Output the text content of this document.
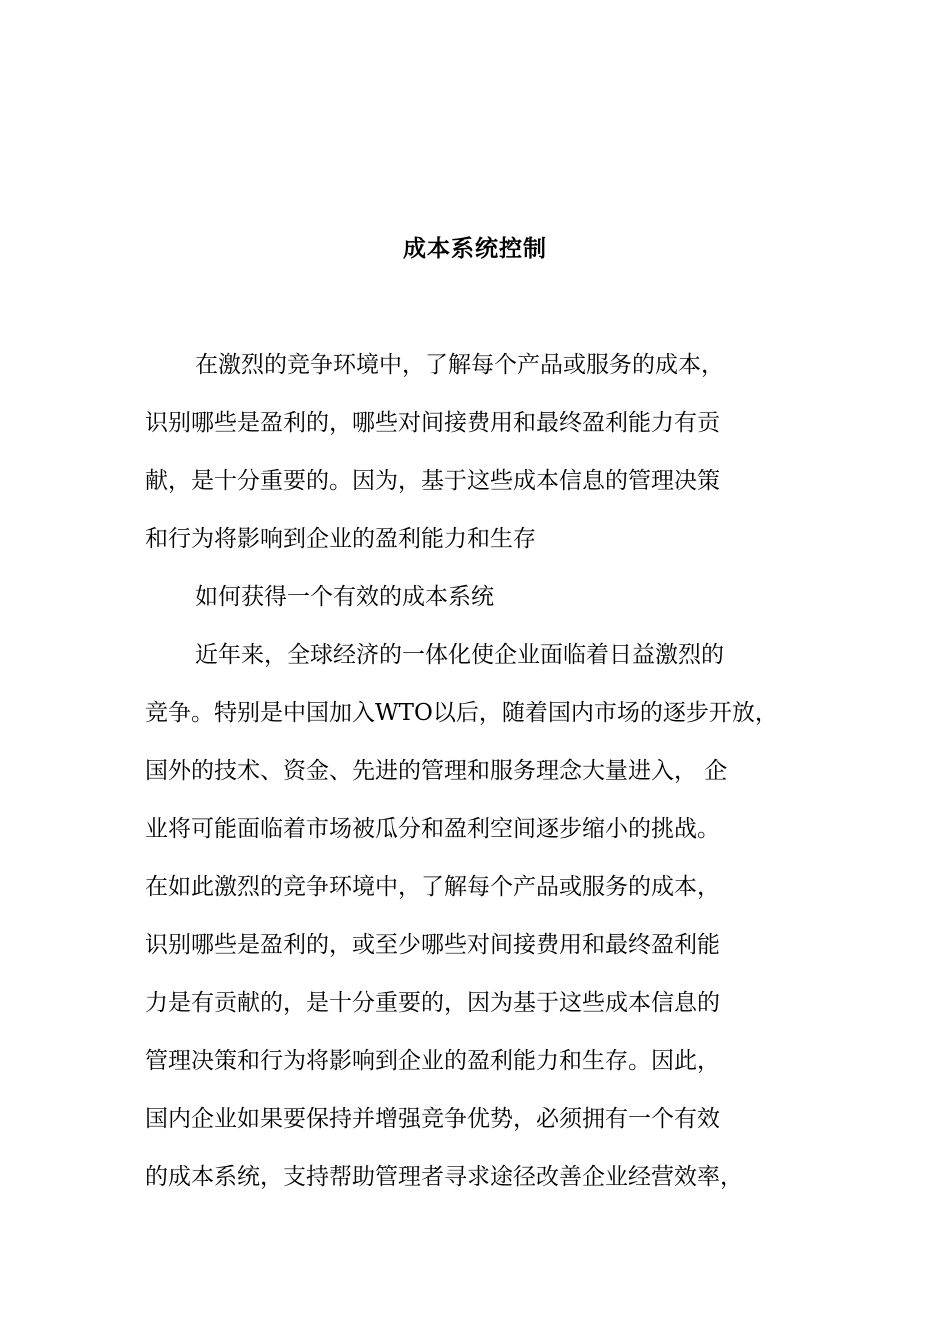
成本系统控制
在激烈的竞争环境中，了解每个产品或服务的成本，
识别哪些是盈利的，哪些对间接费用和最终盈利能力有贡
献，是十分重要的。因为，基于这些成本信息的管理决策
和行为将影响到企业的盈利能力和生存
如何获得一个有效的成本系统
近年来，全球经济的一体化使企业面临着日益激烈的
竞争。特别是中国加入WTO以后，随着国内市场的逐步开放，
国外的技术、资金、先进的管理和服务理念大量进入， 企
业将可能面临着市场被瓜分和盈利空间逐步缩小的挑战。
在如此激烈的竞争环境中，了解每个产品或服务的成本，
识别哪些是盈利的，或至少哪些对间接费用和最终盈利能
力是有贡献的，是十分重要的，因为基于这些成本信息的
管理决策和行为将影响到企业的盈利能力和生存。因此，
国内企业如果要保持并增强竞争优势，必须拥有一个有效
的成本系统，支持帮助管理者寻求途径改善企业经营效率，
